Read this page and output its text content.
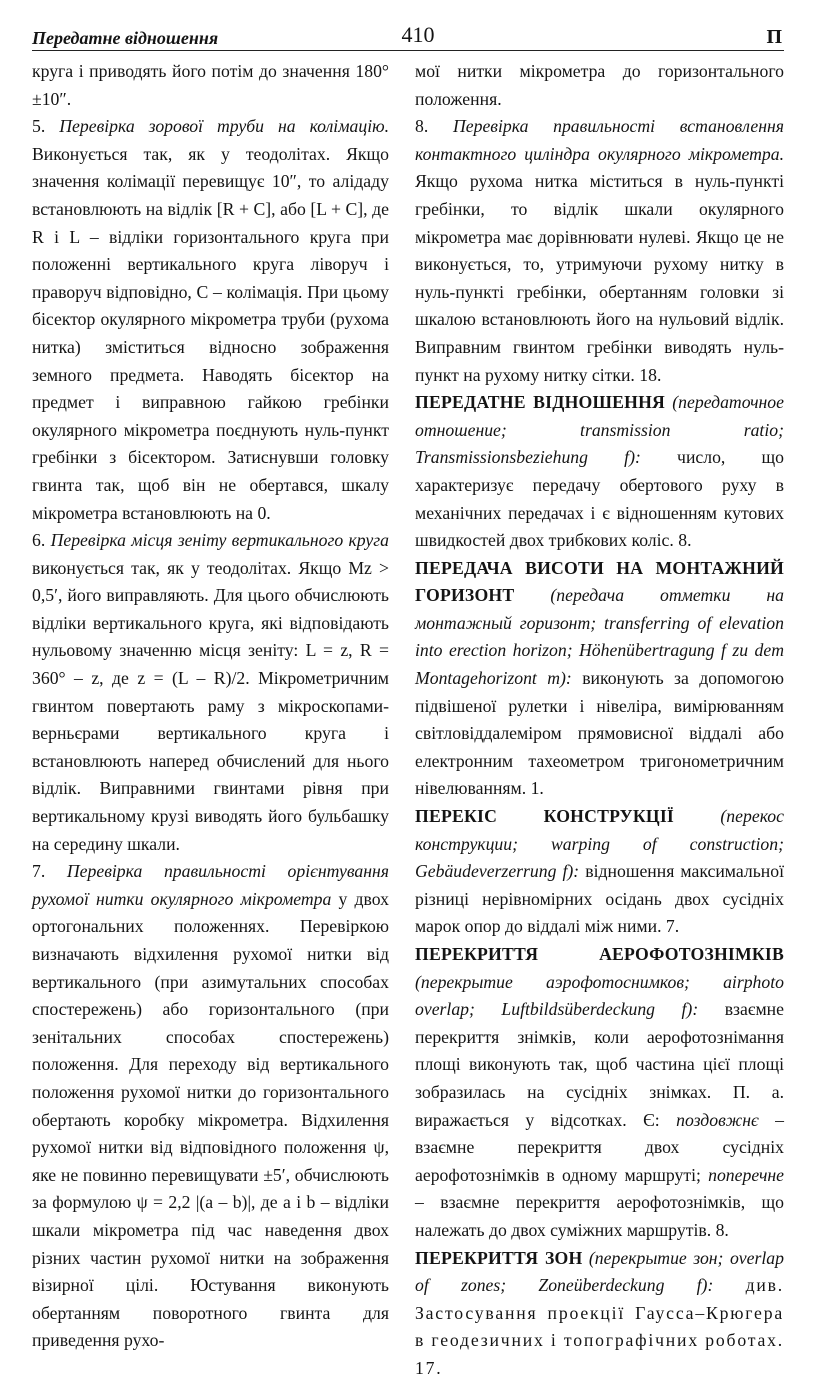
Передатне відношення	410	П

круга і приводять його потім до значення 180°±10″.

5. Перевірка зорової труби на колімацію. Виконується так, як у теодолітах. Якщо значення колімації перевищує 10″, то алідаду встановлюють на відлік [R + C], або [L + C], де R і L – відліки горизонтального круга при положенні вертикального круга ліворуч і праворуч відповідно, C – колімація. При цьому бісектор окулярного мікрометра труби (рухома нитка) зміститься відносно зображення земного предмета. Наводять бісектор на предмет і виправною гайкою гребінки окулярного мікрометра поєднують нуль-пункт гребінки з бісектором. Затиснувши головку гвинта так, щоб він не обертався, шкалу мікрометра встановлюють на 0.

6. Перевірка місця зеніту вертикального круга виконується так, як у теодолітах. Якщо Mz > 0,5′, його виправляють. Для цього обчислюють відліки вертикального круга, які відповідають нульовому значенню місця зеніту: L = z, R = 360° – z, де z = (L – R)/2. Мікрометричним гвинтом повертають раму з мікроскопами-верньєрами вертикального круга і встановлюють наперед обчислений для нього відлік. Виправними гвинтами рівня при вертикальному крузі виводять його бульбашку на середину шкали.

7. Перевірка правильності орієнтування рухомої нитки окулярного мікрометра у двох ортогональних положеннях. Перевіркою визначають відхилення рухомої нитки від вертикального (при азимутальних способах спостережень) або горизонтального (при зенітальних способах спостережень) положення. Для переходу від вертикального положення рухомої нитки до горизонтального обертають коробку мікрометра. Відхилення рухомої нитки від відповідного положення ψ, яке не повинно перевищувати ±5′, обчислюють за формулою ψ = 2,2 |(a – b)|, де a і b – відліки шкали мікрометра під час наведення двох різних частин рухомої нитки на зображення візирної цілі. Юстування виконують обертанням поворотного гвинта для приведення рухо-

мої нитки мікрометра до горизонтального положення.

8. Перевірка правильності встановлення контактного циліндра окулярного мікрометра. Якщо рухома нитка міститься в нуль-пункті гребінки, то відлік шкали окулярного мікрометра має дорівнювати нулеві. Якщо це не виконується, то, утримуючи рухому нитку в нуль-пункті гребінки, обертанням головки зі шкалою встановлюють його на нульовий відлік. Виправним гвинтом гребінки виводять нуль-пункт на рухому нитку сітки. 18.

ПЕРЕДАТНЕ ВІДНОШЕННЯ (передаточное отношение; transmission ratio; Transmissionsbeziehung f): число, що характеризує передачу обертового руху в механічних передачах і є відношенням кутових швидкостей двох трибкових коліс. 8.

ПЕРЕДАЧА ВИСОТИ НА МОНТАЖНИЙ ГОРИЗОНТ (передача отметки на монтажный горизонт; transferring of elevation into erection horizon; Höhenübertragung f zu dem Montagehorizont m): виконують за допомогою підвішеної рулетки і нівеліра, вимірюванням світловіддалеміром прямовисної віддалі або електронним тахеометром тригонометричним нівелюванням. 1.

ПЕРЕКІС КОНСТРУКЦІЇ	(перекос конструкции; warping of construction; Gebäudeverzerrung f): відношення максимальної різниці нерівномірних осідань двох сусідніх марок опор до віддалі між ними. 7.

ПЕРЕКРИТТЯ АЕРОФОТОЗНІМКІВ (перекрытие аэрофотоснимков; airphoto overlap; Luftbildsüberdeckung f): взаємне перекриття знімків, коли аерофотознімання площі виконують так, щоб частина цієї площі зобразилась на сусідніх знімках. П. а. виражається у відсотках. Є: поздовжнє – взаємне перекриття двох сусідніх аерофотознімків в одному маршруті; поперечне – взаємне перекриття аерофотознімків, що належать до двох суміжних маршрутів. 8.

ПЕРЕКРИТТЯ ЗОН (перекрытие зон; overlap of zones; Zoneüberdeckung f): див. Застосування проекції Гаусса–Крюгера в геодезичних і топографічних роботах. 17.
